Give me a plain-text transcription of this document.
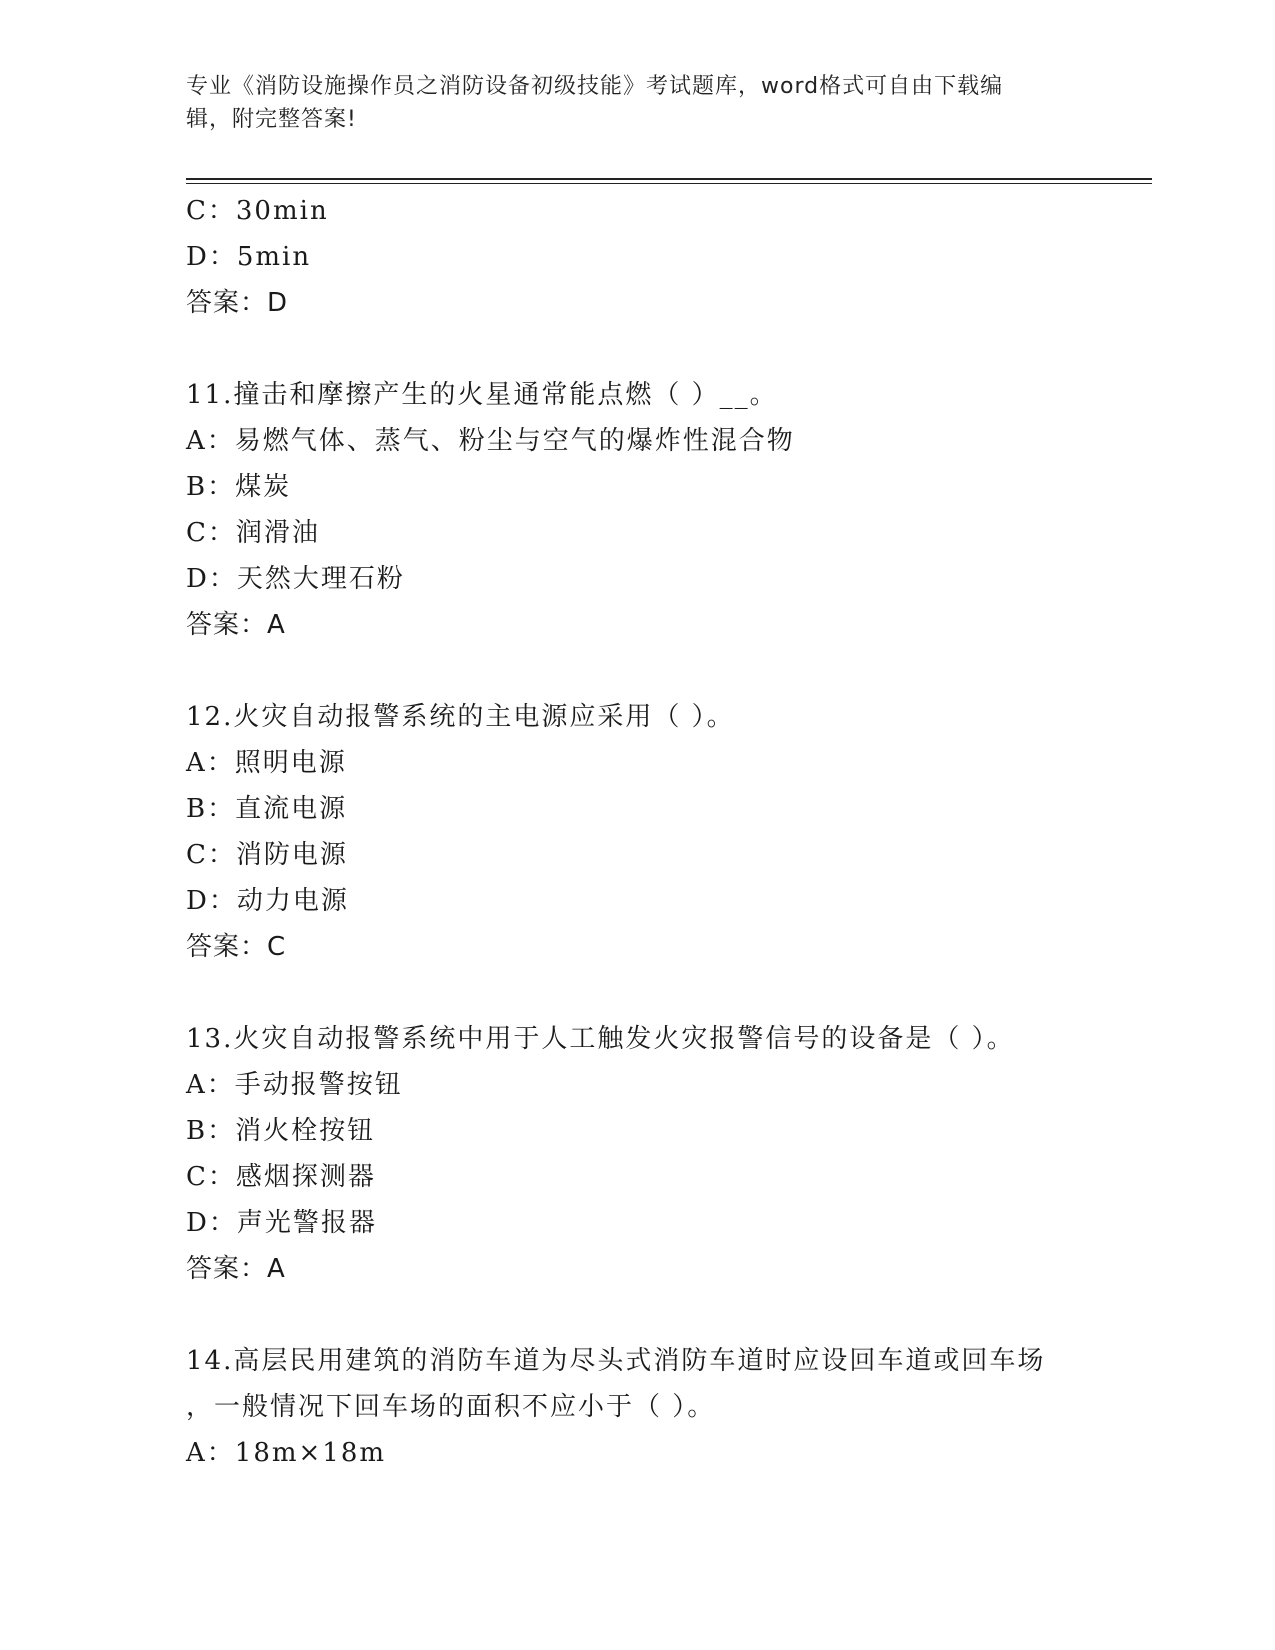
专业《消防设施操作员之消防设备初级技能》考试题库，word格式可自由下载编
辑，附完整答案!
C：30min
D：5min
答案：D
11.撞击和摩擦产生的火星通常能点燃（ ）__。
A：易燃气体、蒸气、粉尘与空气的爆炸性混合物
B：煤炭
C：润滑油
D：天然大理石粉
答案：A
12.火灾自动报警系统的主电源应采用（ ）。
A：照明电源
B：直流电源
C：消防电源
D：动力电源
答案：C
13.火灾自动报警系统中用于人工触发火灾报警信号的设备是（ ）。
A：手动报警按钮
B：消火栓按钮
C：感烟探测器
D：声光警报器
答案：A
14.高层民用建筑的消防车道为尽头式消防车道时应设回车道或回车场
，一般情况下回车场的面积不应小于（ ）。
A：18m×18m
